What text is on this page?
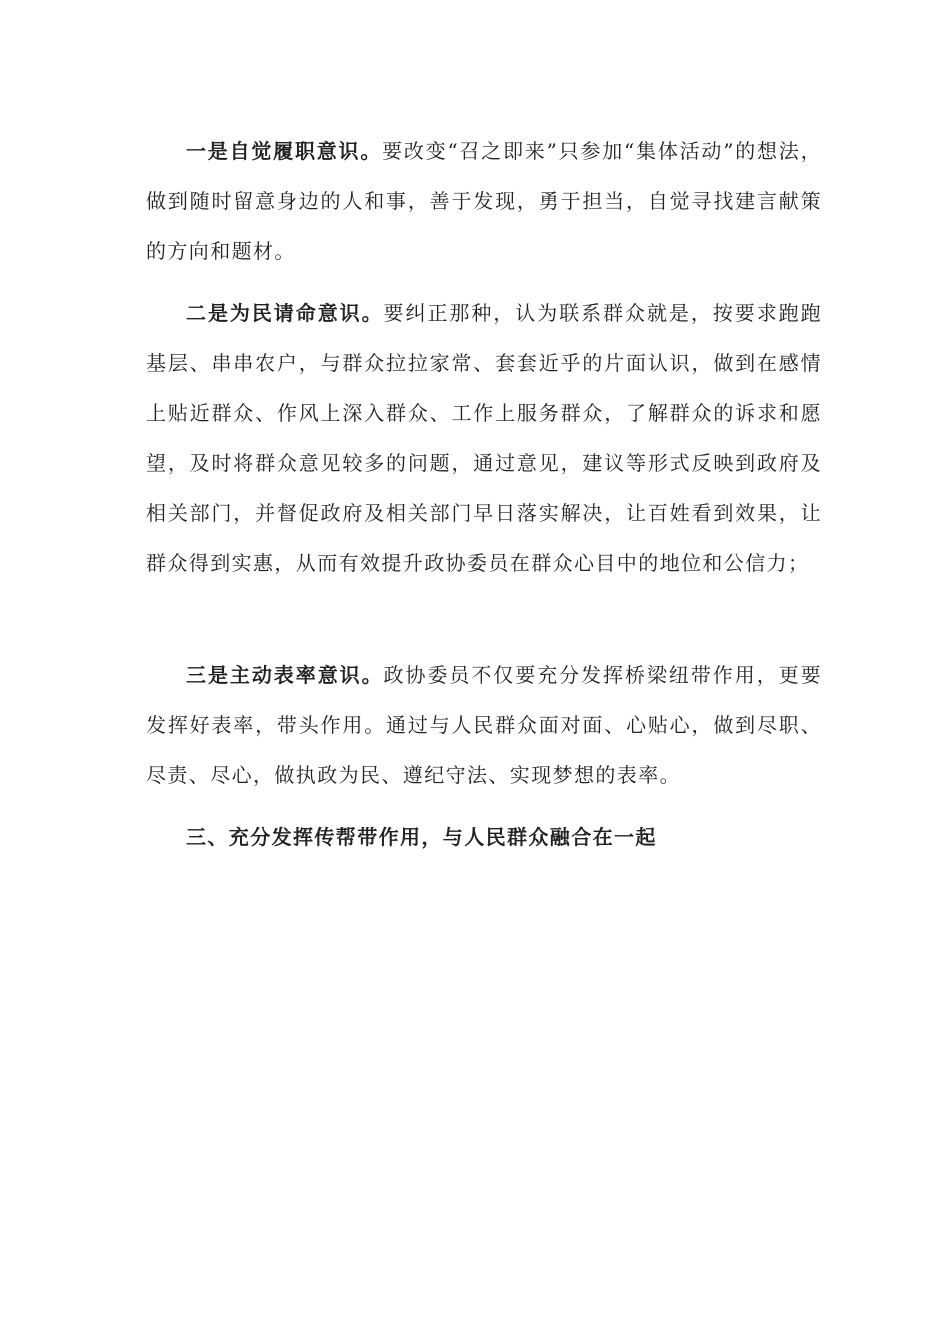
一是自觉履职意识。要改变“召之即来”只参加“集体活动”的想法，做到随时留意身边的人和事，善于发现，勇于担当，自觉寻找建言献策的方向和题材。

二是为民请命意识。要纠正那种，认为联系群众就是，按要求跑跑基层、串串农户，与群众拉拉家常、套套近乎的片面认识，做到在感情上贴近群众、作风上深入群众、工作上服务群众，了解群众的诉求和愿望，及时将群众意见较多的问题，通过意见，建议等形式反映到政府及相关部门，并督促政府及相关部门早日落实解决，让百姓看到效果，让群众得到实惠，从而有效提升政协委员在群众心目中的地位和公信力；

三是主动表率意识。政协委员不仅要充分发挥桥梁纽带作用，更要发挥好表率，带头作用。通过与人民群众面对面、心贴心，做到尽职、尽责、尽心，做执政为民、遵纪守法、实现梦想的表率。

三、充分发挥传帮带作用，与人民群众融合在一起
